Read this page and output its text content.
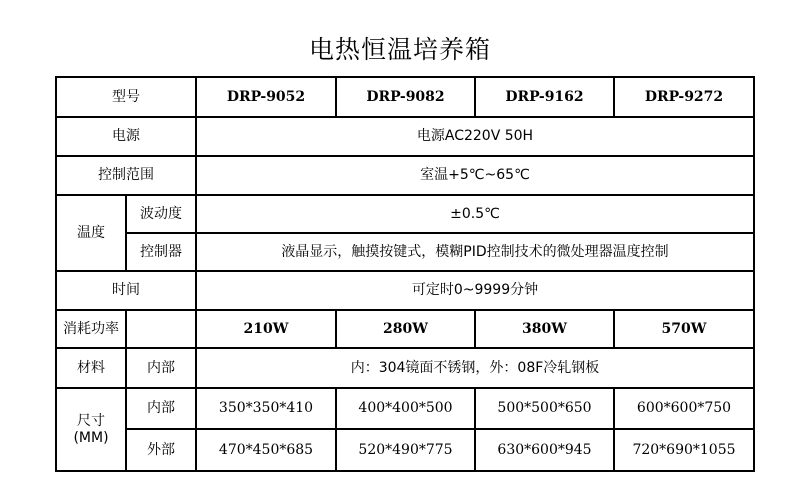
电热恒温培养箱
型号		DRP-9052	DRP-9082	DRP-9162	DRP-9272
电源		电源AC220V 50H			
控制范围		室温+5℃~65℃			
温度	波动度	±0.5℃			
	控制器	液晶显示，触摸按键式，模糊PID控制技术的微处理器温度控制			
时间		可定时0~9999分钟			
消耗功率		210W	280W	380W	570W
材料	内部	内：304镜面不锈钢，外：08F冷轧钢板			

尺寸
(MM)	内部	350*350*410	400*400*500	500*500*650	600*600*750
	外部	470*450*685	520*490*775	630*600*945	720*690*1055
